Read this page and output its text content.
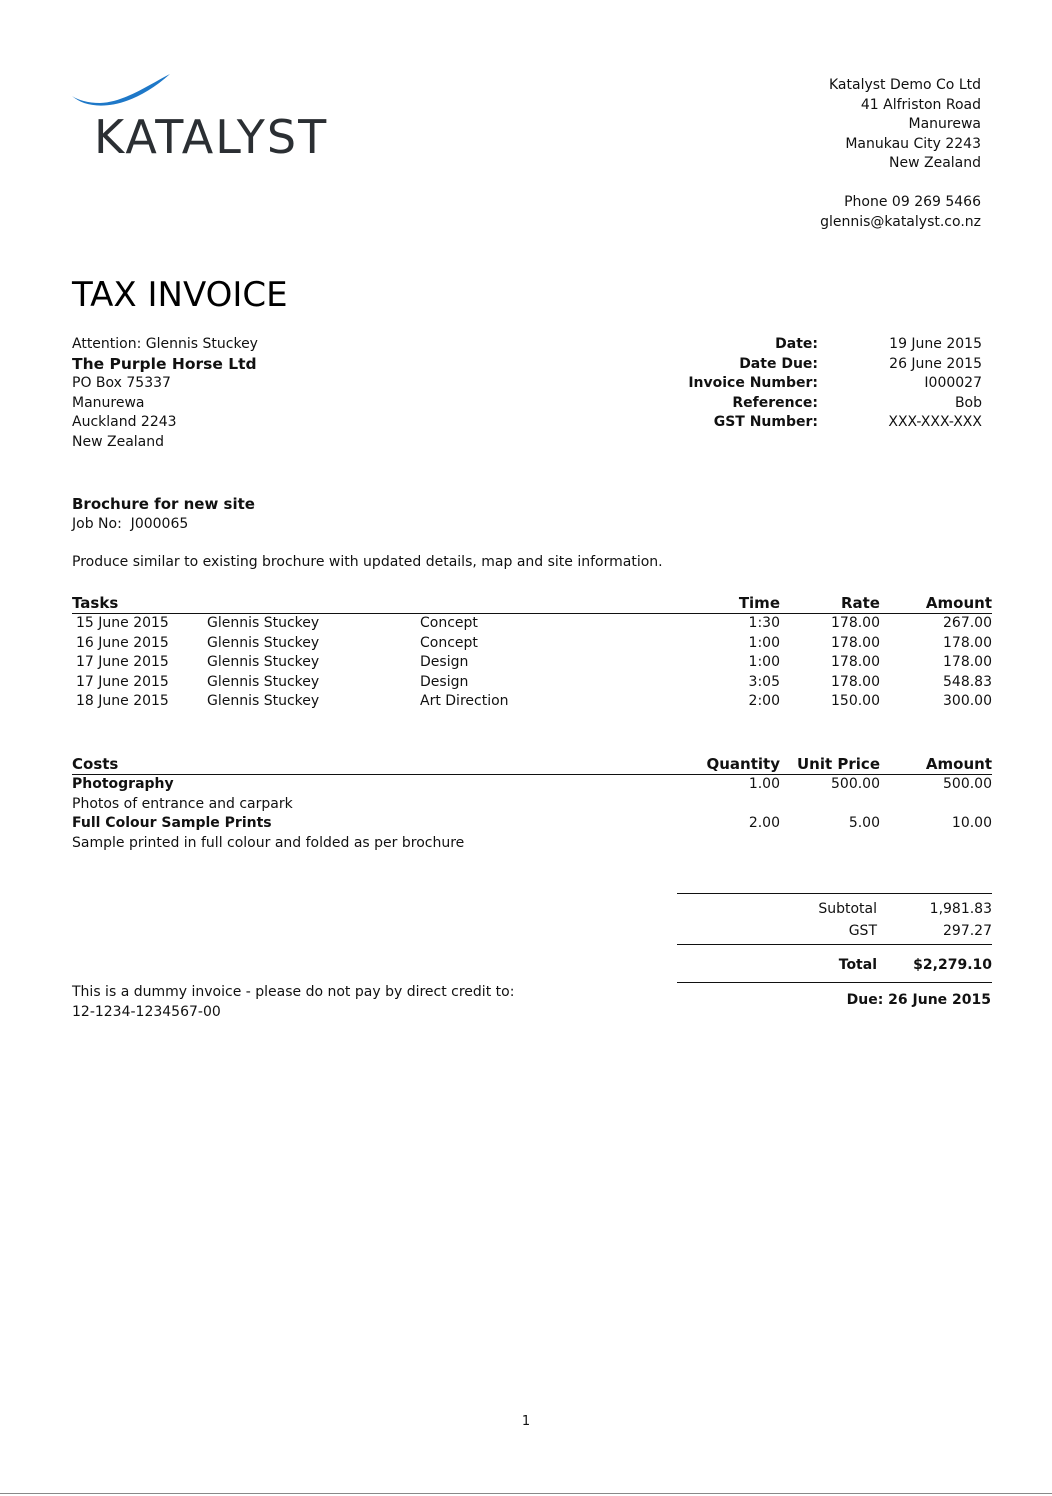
KATALYST
Katalyst Demo Co Ltd
41 Alfriston Road
Manurewa
Manukau City 2243
New Zealand
Phone 09 269 5466
glennis@katalyst.co.nz
TAX INVOICE
Attention: Glennis Stuckey
The Purple Horse Ltd
PO Box 75337
Manurewa
Auckland 2243
New Zealand
Date:	19 June 2015
Date Due:	26 June 2015
Invoice Number:	I000027
Reference:	Bob
GST Number:	XXX-XXX-XXX
Brochure for new site
Job No:  J000065
Produce similar to existing brochure with updated details, map and site information.
Tasks			Time	Rate	Amount
15 June 2015	Glennis Stuckey	Concept	1:30	178.00	267.00
16 June 2015	Glennis Stuckey	Concept	1:00	178.00	178.00
17 June 2015	Glennis Stuckey	Design	1:00	178.00	178.00
17 June 2015	Glennis Stuckey	Design	3:05	178.00	548.83
18 June 2015	Glennis Stuckey	Art Direction	2:00	150.00	300.00
Costs	Quantity	Unit Price	Amount
Photography	1.00	500.00	500.00
Photos of entrance and carpark			
Full Colour Sample Prints	2.00	5.00	10.00
Sample printed in full colour and folded as per brochure			
Subtotal	1,981.83
GST	297.27
Total	$2,279.10
This is a dummy invoice - please do not pay by direct credit to:
12-1234-1234567-00
Due: 26 June 2015
1
